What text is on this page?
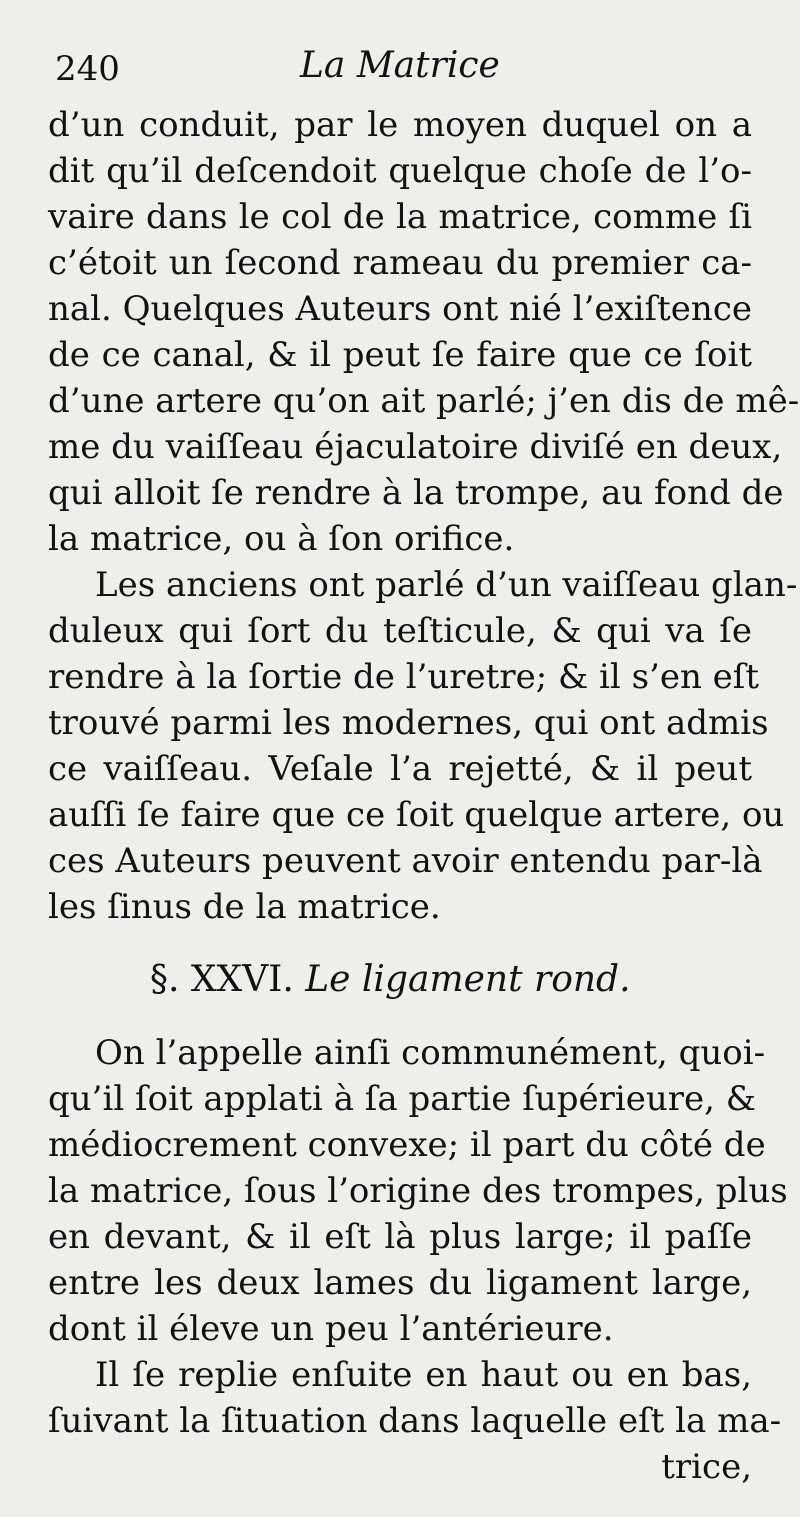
240	La Matrice
d’un conduit, par le moyen duquel on a
dit qu’il deſcendoit quelque choſe de l’o-
vaire dans le col de la matrice, comme ſi
c’étoit un ſecond rameau du premier ca-
nal. Quelques Auteurs ont nié l’exiſtence
de ce canal, & il peut ſe faire que ce ſoit
d’une artere qu’on ait parlé; j’en dis de mê-
me du vaiſſeau éjaculatoire diviſé en deux,
qui alloit ſe rendre à la trompe, au fond de
la matrice, ou à ſon orifice.
Les anciens ont parlé d’un vaiſſeau glan-
duleux qui ſort du teſticule, & qui va ſe
rendre à la ſortie de l’uretre; & il s’en eſt
trouvé parmi les modernes, qui ont admis
ce vaiſſeau. Veſale l’a rejetté, & il peut
auſſi ſe faire que ce ſoit quelque artere, ou
ces Auteurs peuvent avoir entendu par-là
les ſinus de la matrice.
§. XXVI. Le ligament rond.
On l’appelle ainſi communément, quoi-
qu’il ſoit applati à ſa partie ſupérieure, &
médiocrement convexe; il part du côté de
la matrice, ſous l’origine des trompes, plus
en devant, & il eſt là plus large; il paſſe
entre les deux lames du ligament large,
dont il éleve un peu l’antérieure.
Il ſe replie enſuite en haut ou en bas,
ſuivant la ſituation dans laquelle eſt la ma-
trice,
